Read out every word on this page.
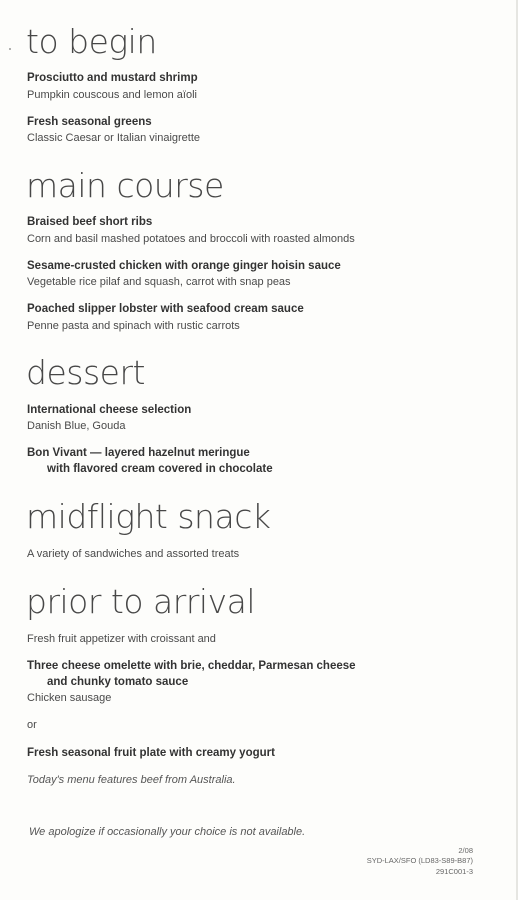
to begin
Prosciutto and mustard shrimp
Pumpkin couscous and lemon aïoli
Fresh seasonal greens
Classic Caesar or Italian vinaigrette
main course
Braised beef short ribs
Corn and basil mashed potatoes and broccoli with roasted almonds
Sesame-crusted chicken with orange ginger hoisin sauce
Vegetable rice pilaf and squash, carrot with snap peas
Poached slipper lobster with seafood cream sauce
Penne pasta and spinach with rustic carrots
dessert
International cheese selection
Danish Blue, Gouda
Bon Vivant — layered hazelnut meringue
with flavored cream covered in chocolate
midflight snack
A variety of sandwiches and assorted treats
prior to arrival
Fresh fruit appetizer with croissant and
Three cheese omelette with brie, cheddar, Parmesan cheese
and chunky tomato sauce
Chicken sausage
or
Fresh seasonal fruit plate with creamy yogurt
Today's menu features beef from Australia.
We apologize if occasionally your choice is not available.
2/08
SYD-LAX/SFO (LD83-S89-B87)
291C001-3
